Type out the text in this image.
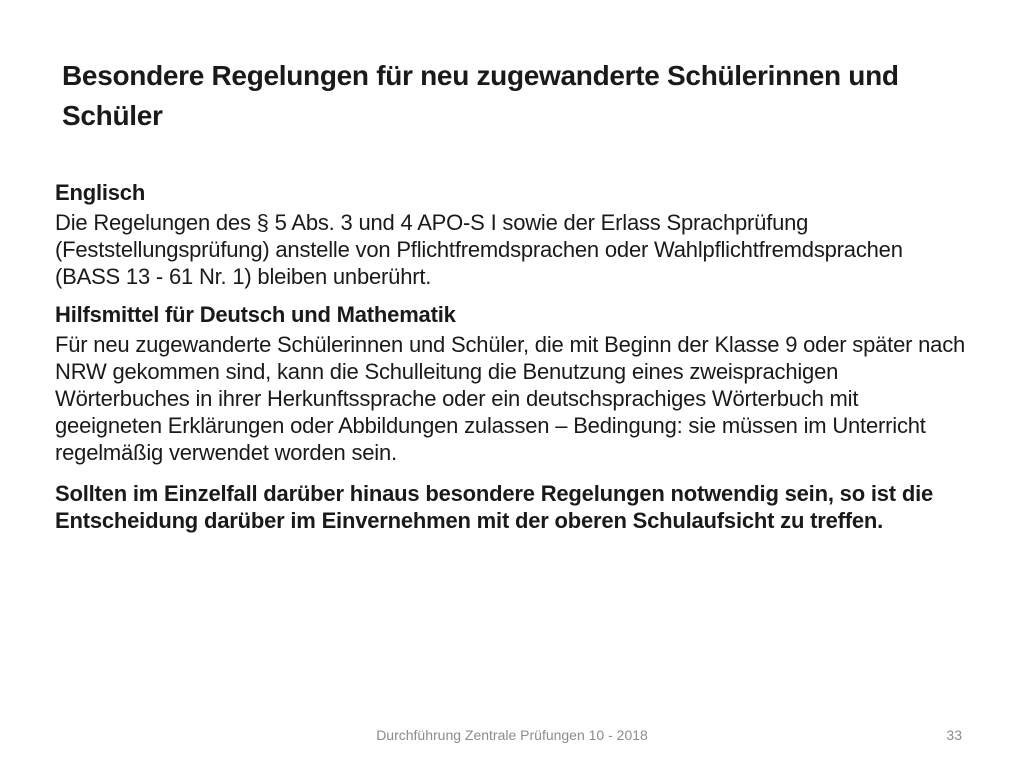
Besondere Regelungen für neu zugewanderte Schülerinnen und Schüler

Englisch

Die Regelungen des § 5 Abs. 3 und 4 APO-S I sowie der Erlass Sprachprüfung (Feststellungsprüfung) anstelle von Pflichtfremdsprachen oder Wahlpflichtfremdsprachen (BASS 13 - 61 Nr. 1) bleiben unberührt.

Hilfsmittel für Deutsch und Mathematik

Für neu zugewanderte Schülerinnen und Schüler, die mit Beginn der Klasse 9 oder später nach NRW gekommen sind, kann die Schulleitung die Benutzung eines zweisprachigen Wörterbuches in ihrer Herkunftssprache oder ein deutschsprachiges Wörterbuch mit geeigneten Erklärungen oder Abbildungen zulassen – Bedingung: sie müssen im Unterricht regelmäßig verwendet worden sein.

Sollten im Einzelfall darüber hinaus besondere Regelungen notwendig sein, so ist die Entscheidung darüber im Einvernehmen mit der oberen Schulaufsicht zu treffen.

Durchführung Zentrale Prüfungen 10 - 2018	33
